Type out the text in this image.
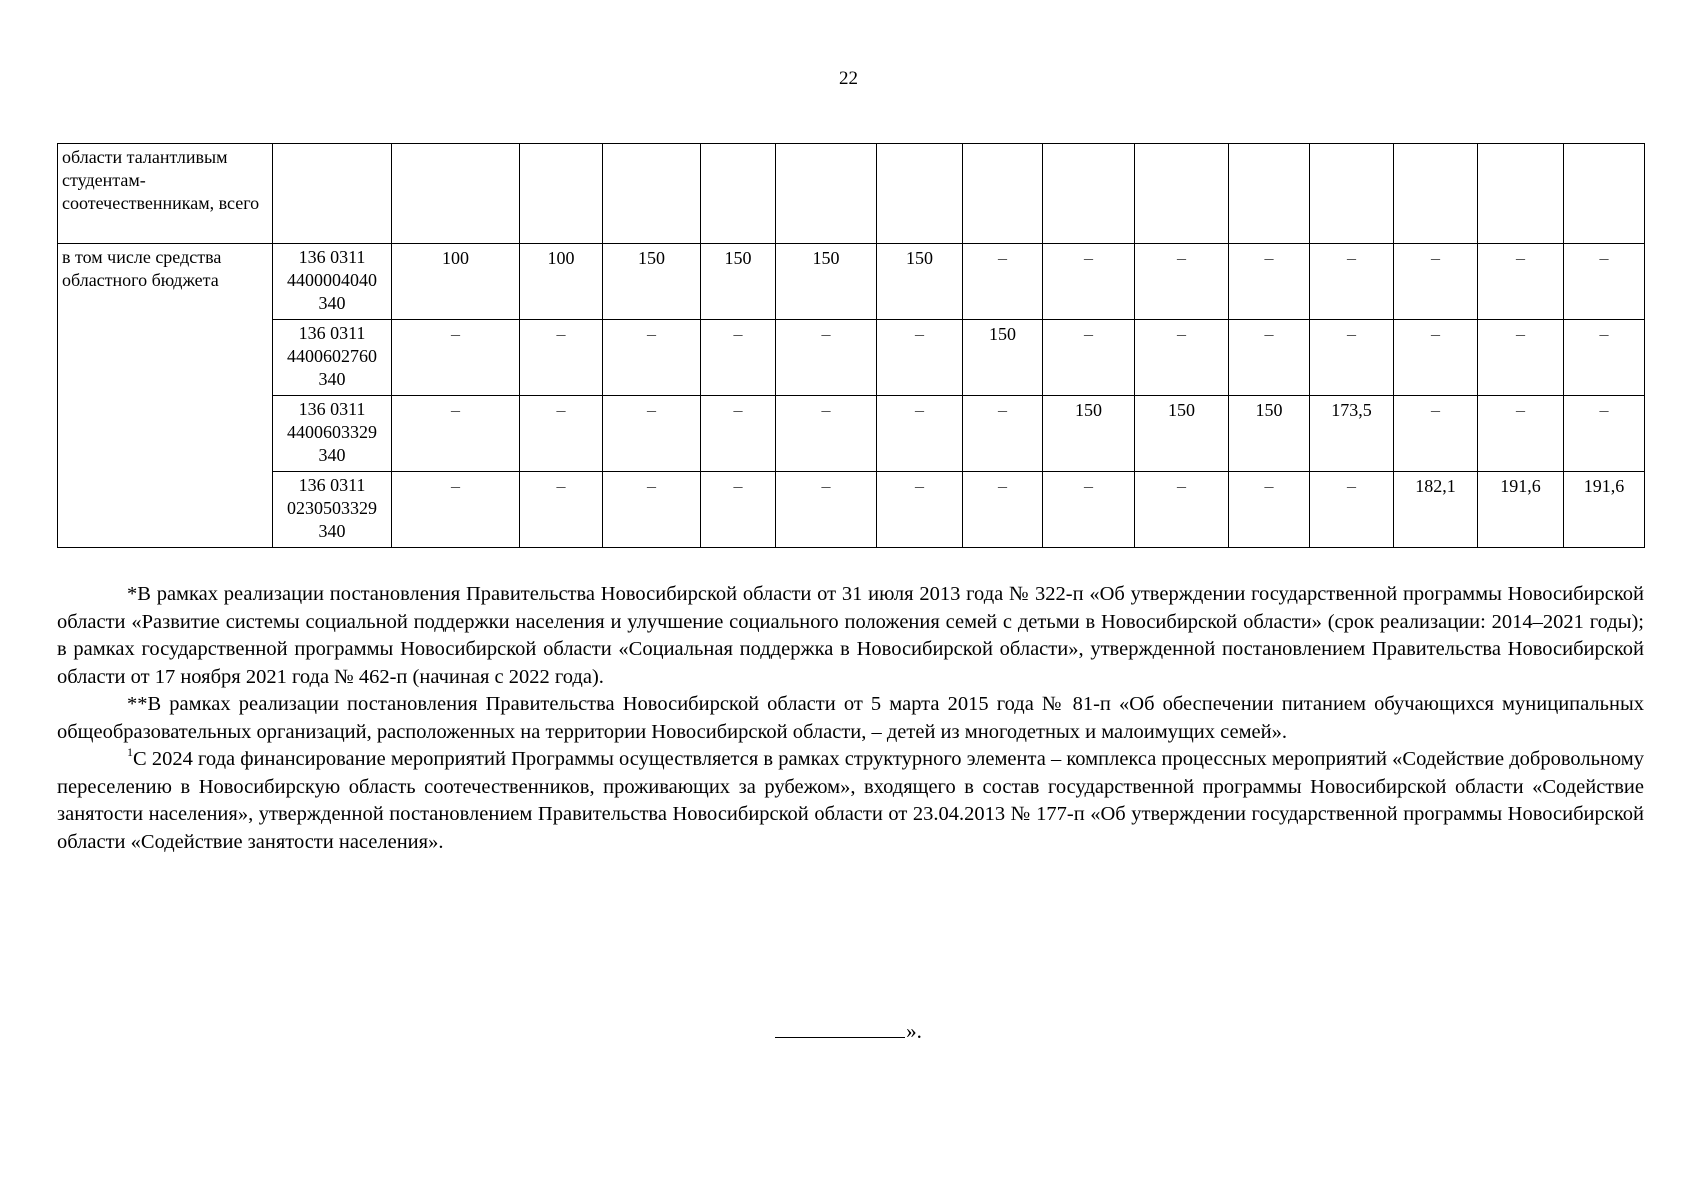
22
области талантливым студентам-соотечественникам, всего															
в том числе средства областного бюджета	136 0311 4400004040 340	100	100	150	150	150	150	–	–	–	–	–	–	–	–
	136 0311 4400602760 340	–	–	–	–	–	–	150	–	–	–	–	–	–	–
	136 0311 4400603329 340	–	–	–	–	–	–	–	150	150	150	173,5	–	–	–
	136 0311 0230503329 340	–	–	–	–	–	–	–	–	–	–	–	182,1	191,6	191,6

*В рамках реализации постановления Правительства Новосибирской области от 31 июля 2013 года № 322-п «Об утверждении государственной программы Новосибирской области «Развитие системы социальной поддержки населения и улучшение социального положения семей с детьми в Новосибирской области» (срок реализации: 2014–2021 годы); в рамках государственной программы Новосибирской области «Социальная поддержка в Новосибирской области», утвержденной постановлением Правительства Новосибирской области от 17 ноября 2021 года № 462-п (начиная с 2022 года).

**В рамках реализации постановления Правительства Новосибирской области от 5 марта 2015 года № 81-п «Об обеспечении питанием обучающихся муниципальных общеобразовательных организаций, расположенных на территории Новосибирской области, – детей из многодетных и малоимущих семей».

$^1$С 2024 года финансирование мероприятий Программы осуществляется в рамках структурного элемента – комплекса процессных мероприятий «Содействие добровольному переселению в Новосибирскую область соотечественников, проживающих за рубежом», входящего в состав государственной программы Новосибирской области «Содействие занятости населения», утвержденной постановлением Правительства Новосибирской области от 23.04.2013 № 177-п «Об утверждении государственной программы Новосибирской области «Содействие занятости населения».

».
